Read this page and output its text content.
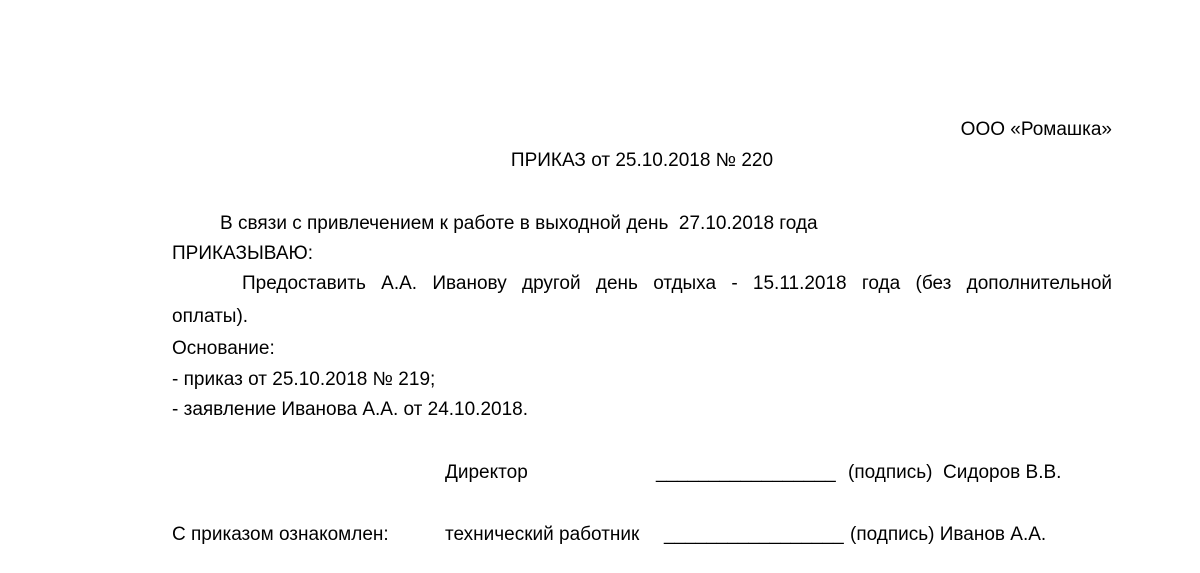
ООО «Ромашка»
ПРИКАЗ от 25.10.2018 № 220
В связи с привлечением к работе в выходной день  27.10.2018 года
ПРИКАЗЫВАЮ:
Предоставить А.А. Иванову другой день отдыха - 15.11.2018 года (без дополнительной
оплаты).
Основание:
- приказ от 25.10.2018 № 219;
- заявление Иванова А.А. от 24.10.2018.
Директор	_________________ (подпись)  Сидоров В.В.
С приказом ознакомлен:	технический работник _________________ (подпись) Иванов А.А.
